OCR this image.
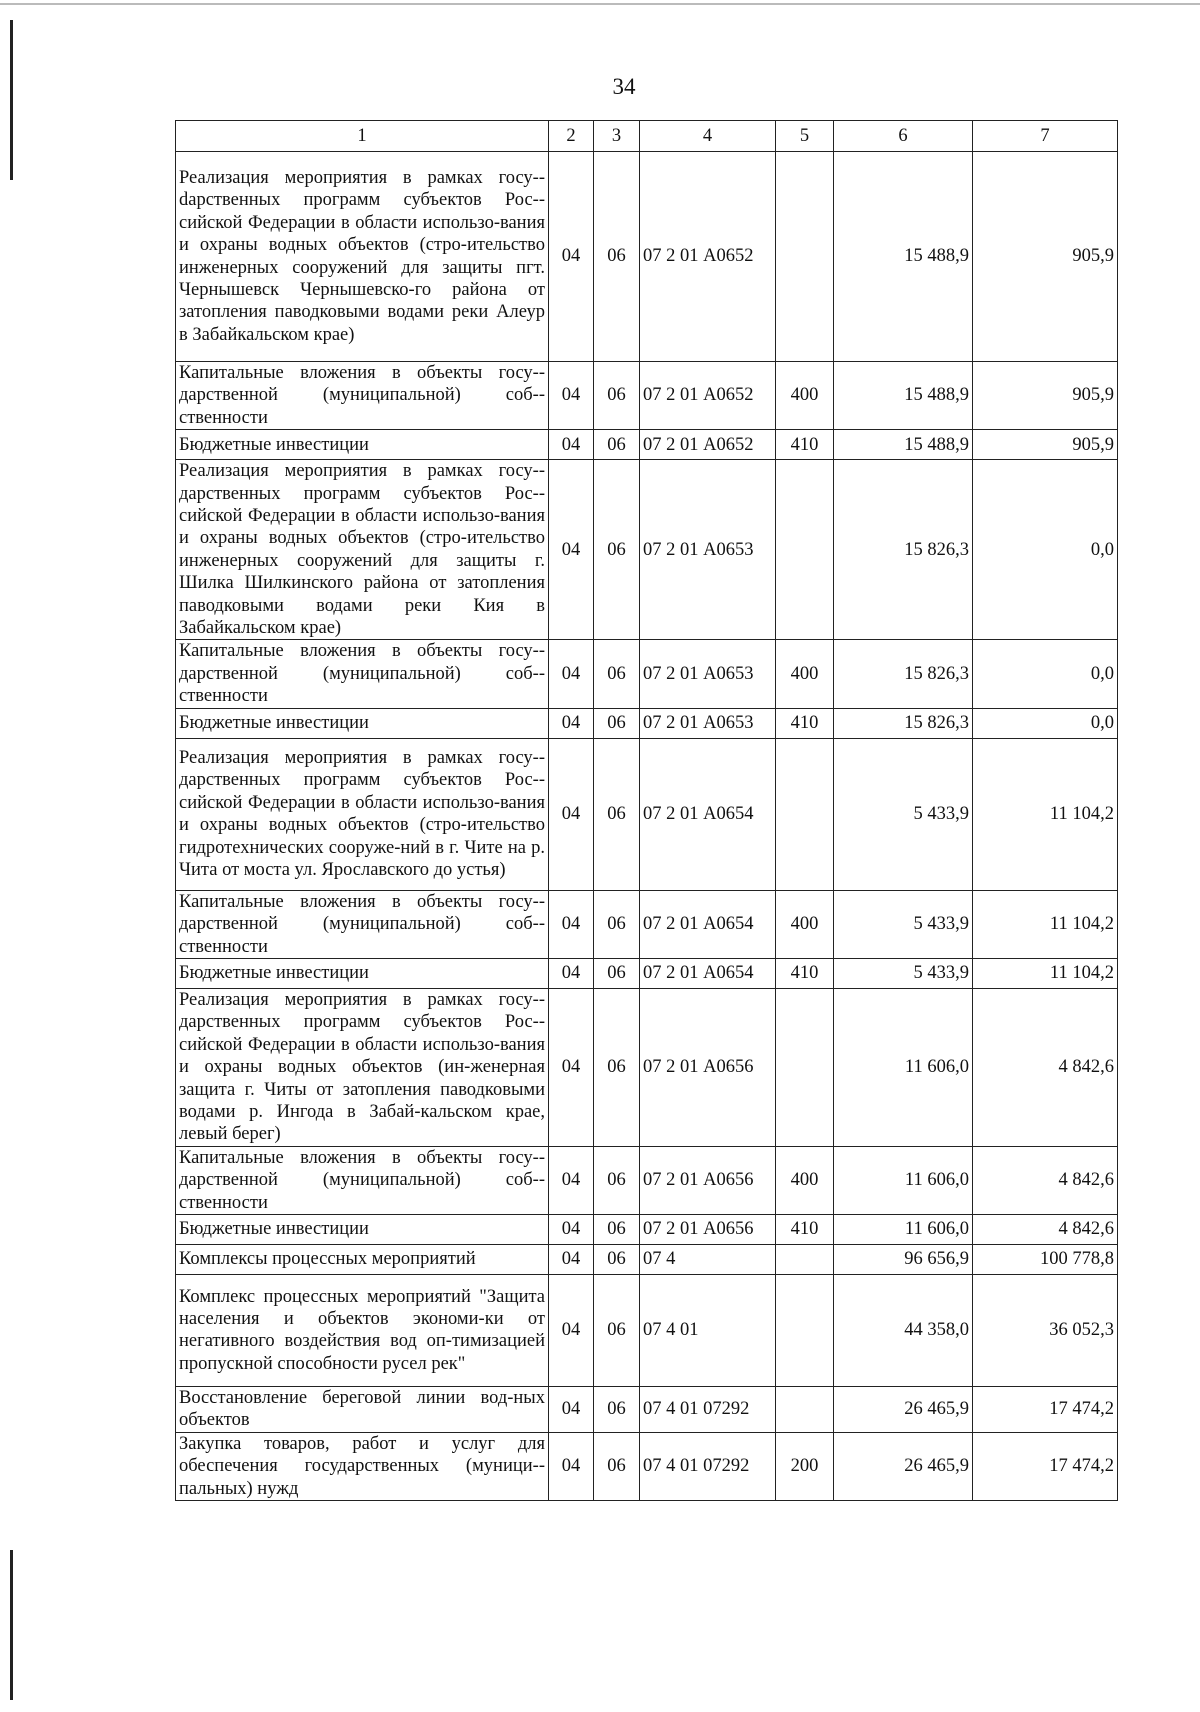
34
1	2	3	4	5	6	7
Реализация мероприятия в рамках госу-dарственных программ субъектов Рос-сийской Федерации в области использо-вания и охраны водных объектов (стро-ительство инженерных сооружений для защиты пгт. Чернышевск Чернышевско-го района от затопления паводковыми водами реки Алеур в Забайкальском крае)	04	06	07 2 01 А0652		15 488,9	905,9
Капитальные вложения в объекты госу-дарственной (муниципальной) соб-ственности	04	06	07 2 01 А0652	400	15 488,9	905,9
Бюджетные инвестиции	04	06	07 2 01 А0652	410	15 488,9	905,9
Реализация мероприятия в рамках госу-дарственных программ субъектов Рос-сийской Федерации в области использо-вания и охраны водных объектов (стро-ительство инженерных сооружений для защиты г. Шилка Шилкинского района от затопления паводковыми водами реки Кия в Забайкальском крае)	04	06	07 2 01 А0653		15 826,3	0,0
Капитальные вложения в объекты госу-дарственной (муниципальной) соб-ственности	04	06	07 2 01 А0653	400	15 826,3	0,0
Бюджетные инвестиции	04	06	07 2 01 А0653	410	15 826,3	0,0
Реализация мероприятия в рамках госу-дарственных программ субъектов Рос-сийской Федерации в области использо-вания и охраны водных объектов (стро-ительство гидротехнических сооруже-ний в г. Чите на р. Чита от моста ул. Ярославского до устья)	04	06	07 2 01 А0654		5 433,9	11 104,2
Капитальные вложения в объекты госу-дарственной (муниципальной) соб-ственности	04	06	07 2 01 А0654	400	5 433,9	11 104,2
Бюджетные инвестиции	04	06	07 2 01 А0654	410	5 433,9	11 104,2
Реализация мероприятия в рамках госу-дарственных программ субъектов Рос-сийской Федерации в области использо-вания и охраны водных объектов (ин-женерная защита г. Читы от затопления паводковыми водами р. Ингода в Забай-кальском крае, левый берег)	04	06	07 2 01 А0656		11 606,0	4 842,6
Капитальные вложения в объекты госу-дарственной (муниципальной) соб-ственности	04	06	07 2 01 А0656	400	11 606,0	4 842,6
Бюджетные инвестиции	04	06	07 2 01 А0656	410	11 606,0	4 842,6
Комплексы процессных мероприятий	04	06	07 4		96 656,9	100 778,8
Комплекс процессных мероприятий "Защита населения и объектов экономи-ки от негативного воздействия вод оп-тимизацией пропускной способности русел рек"	04	06	07 4 01		44 358,0	36 052,3
Восстановление береговой линии вод-ных объектов	04	06	07 4 01 07292		26 465,9	17 474,2
Закупка товаров, работ и услуг для обеспечения государственных (муници-пальных) нужд	04	06	07 4 01 07292	200	26 465,9	17 474,2
